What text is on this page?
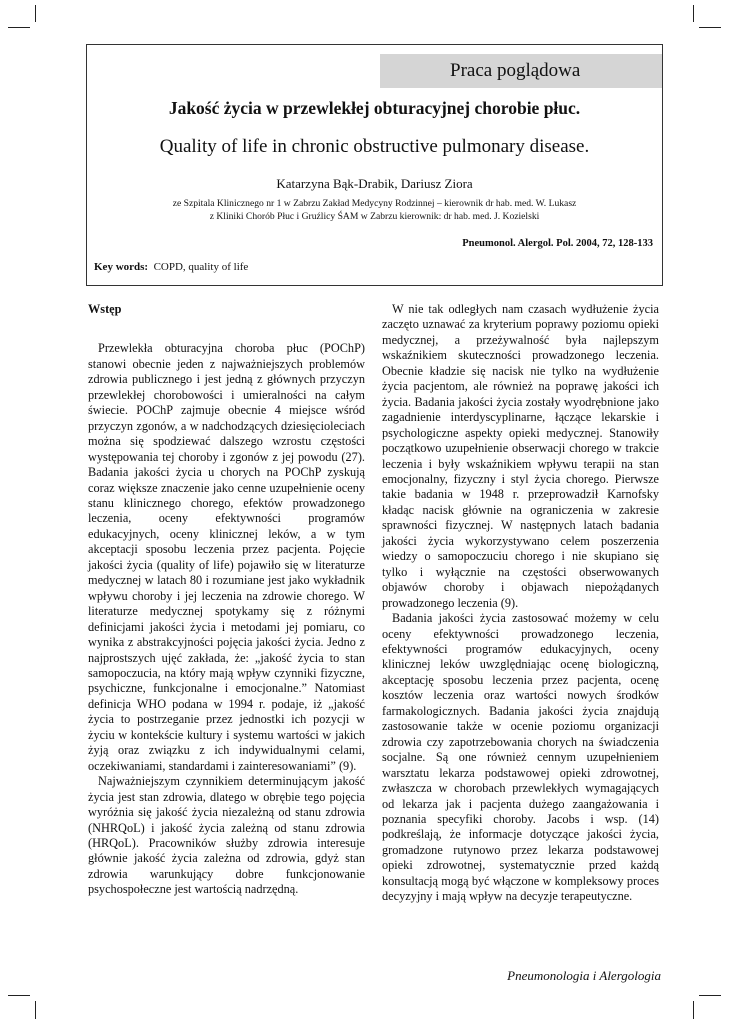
Praca poglądowa
Jakość życia w przewlekłej obturacyjnej chorobie płuc.
Quality of life in chronic obstructive pulmonary disease.
Katarzyna Bąk-Drabik, Dariusz Ziora
ze Szpitala Klinicznego nr 1 w Zabrzu Zakład Medycyny Rodzinnej – kierownik dr hab. med. W. Lukasz
z Kliniki Chorób Płuc i Gruźlicy ŚAM w Zabrzu kierownik: dr hab. med. J. Kozielski
Pneumonol. Alergol. Pol. 2004, 72, 128-133
Key words: COPD, quality of life

Wstęp

Przewlekła obturacyjna choroba płuc (POChP) stanowi obecnie jeden z najważniejszych problemów zdrowia publicznego i jest jedną z głównych przyczyn przewlekłej chorobowości i umieralności na całym świecie. POChP zajmuje obecnie 4 miejsce wśród przyczyn zgonów, a w nadchodzących dziesięcioleciach można się spodziewać dalszego wzrostu częstości występowania tej choroby i zgonów z jej powodu (27). Badania jakości życia u chorych na POChP zyskują coraz większe znaczenie jako cenne uzupełnienie oceny stanu klinicznego chorego, efektów prowadzonego leczenia, oceny efektywności programów edukacyjnych, oceny klinicznej leków, a w tym akceptacji sposobu leczenia przez pacjenta. Pojęcie jakości życia (quality of life) pojawiło się w literaturze medycznej w latach 80 i rozumiane jest jako wykładnik wpływu choroby i jej leczenia na zdrowie chorego. W literaturze medycznej spotykamy się z różnymi definicjami jakości życia i metodami jej pomiaru, co wynika z abstrakcyjności pojęcia jakości życia. Jedno z najprostszych ujęć zakłada, że: „jakość życia to stan samopoczucia, na który mają wpływ czynniki fizyczne, psychiczne, funkcjonalne i emocjonalne.” Natomiast definicja WHO podana w 1994 r. podaje, iż „jakość życia to postrzeganie przez jednostki ich pozycji w życiu w kontekście kultury i systemu wartości w jakich żyją oraz związku z ich indywidualnymi celami, oczekiwaniami, standardami i zainteresowaniami” (9).

Najważniejszym czynnikiem determinującym jakość życia jest stan zdrowia, dlatego w obrębie tego pojęcia wyróżnia się jakość życia niezależną od stanu zdrowia (NHRQoL) i jakość życia zależną od stanu zdrowia (HRQoL). Pracowników służby zdrowia interesuje głównie jakość życia zależna od zdrowia, gdyż stan zdrowia warunkujący dobre funkcjonowanie psychospołeczne jest wartością nadrzędną.

W nie tak odległych nam czasach wydłużenie życia zaczęto uznawać za kryterium poprawy poziomu opieki medycznej, a przeżywalność była najlepszym wskaźnikiem skuteczności prowadzonego leczenia. Obecnie kładzie się nacisk nie tylko na wydłużenie życia pacjentom, ale również na poprawę jakości ich życia. Badania jakości życia zostały wyodrębnione jako zagadnienie interdyscyplinarne, łączące lekarskie i psychologiczne aspekty opieki medycznej. Stanowiły początkowo uzupełnienie obserwacji chorego w trakcie leczenia i były wskaźnikiem wpływu terapii na stan emocjonalny, fizyczny i styl życia chorego. Pierwsze takie badania w 1948 r. przeprowadził Karnofsky kładąc nacisk głównie na ograniczenia w zakresie sprawności fizycznej. W następnych latach badania jakości życia wykorzystywano celem poszerzenia wiedzy o samopoczuciu chorego i nie skupiano się tylko i wyłącznie na częstości obserwowanych objawów choroby i objawach niepożądanych prowadzonego leczenia (9).

Badania jakości życia zastosować możemy w celu oceny efektywności prowadzonego leczenia, efektywności programów edukacyjnych, oceny klinicznej leków uwzględniając ocenę biologiczną, akceptację sposobu leczenia przez pacjenta, ocenę kosztów leczenia oraz wartości nowych środków farmakologicznych. Badania jakości życia znajdują zastosowanie także w ocenie poziomu organizacji zdrowia czy zapotrzebowania chorych na świadczenia socjalne. Są one również cennym uzupełnieniem warsztatu lekarza podstawowej opieki zdrowotnej, zwłaszcza w chorobach przewlekłych wymagających od lekarza jak i pacjenta dużego zaangażowania i poznania specyfiki choroby. Jacobs i wsp. (14) podkreślają, że informacje dotyczące jakości życia, gromadzone rutynowo przez lekarza podstawowej opieki zdrowotnej, systematycznie przed każdą konsultacją mogą być włączone w kompleksowy proces decyzyjny i mają wpływ na decyzje terapeutyczne.

Pneumonologia i Alergologia
